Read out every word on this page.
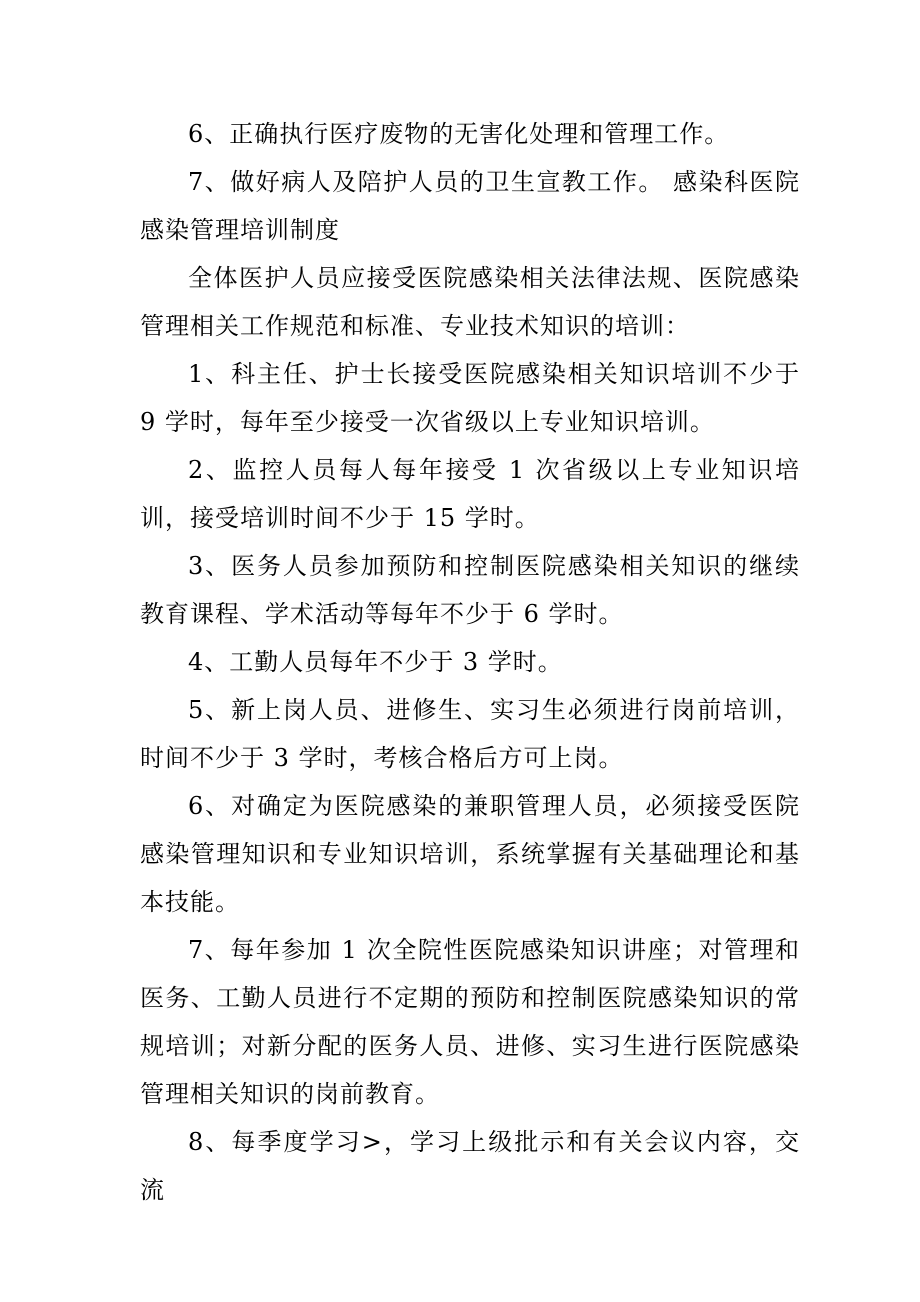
6、正确执行医疗废物的无害化处理和管理工作。

7、做好病人及陪护人员的卫生宣教工作。 感染科医院感染管理培训制度

全体医护人员应接受医院感染相关法律法规、医院感染管理相关工作规范和标准、专业技术知识的培训：

1、科主任、护士长接受医院感染相关知识培训不少于 9 学时，每年至少接受一次省级以上专业知识培训。

2、监控人员每人每年接受 1 次省级以上专业知识培训，接受培训时间不少于 15 学时。

3、医务人员参加预防和控制医院感染相关知识的继续教育课程、学术活动等每年不少于 6 学时。

4、工勤人员每年不少于 3 学时。

5、新上岗人员、进修生、实习生必须进行岗前培训，时间不少于 3 学时，考核合格后方可上岗。

6、对确定为医院感染的兼职管理人员，必须接受医院感染管理知识和专业知识培训，系统掌握有关基础理论和基本技能。

7、每年参加 1 次全院性医院感染知识讲座；对管理和医务、工勤人员进行不定期的预防和控制医院感染知识的常规培训；对新分配的医务人员、进修、实习生进行医院感染管理相关知识的岗前教育。

8、每季度学习>，学习上级批示和有关会议内容，交流
